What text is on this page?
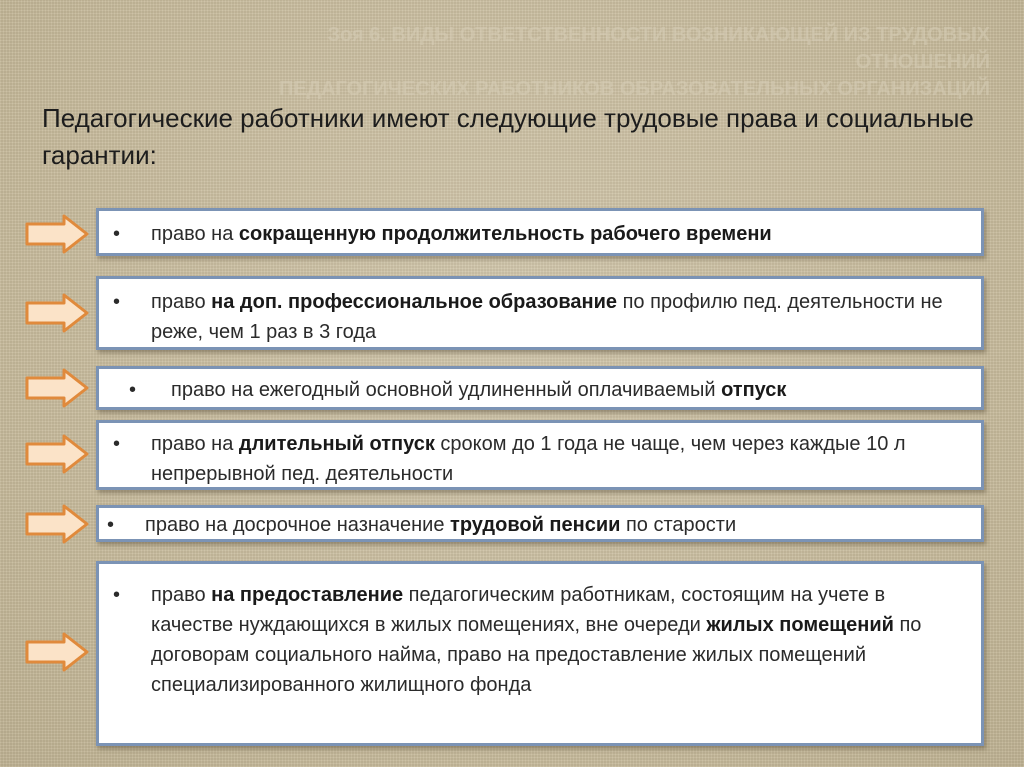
Зоя 6. ВИДЫ ОТВЕТСТВЕННОСТИ ВОЗНИКАЮЩЕЙ ИЗ ТРУДОВЫХ ОТНОШЕНИЙ
ПЕДАГОГИЧЕСКИХ РАБОТНИКОВ ОБРАЗОВАТЕЛЬНЫХ ОРГАНИЗАЦИЙ
Педагогические работники имеют следующие трудовые права и социальные гарантии:
• право на сокращенную продолжительность рабочего времени
• право на доп. профессиональное образование по профилю пед. деятельности не реже, чем 1 раз в 3 года
• право на ежегодный основной удлиненный оплачиваемый отпуск
• право на длительный отпуск сроком до 1 года не чаще, чем через каждые 10 л непрерывной пед. деятельности
• право на досрочное назначение трудовой пенсии по старости
• право на предоставление педагогическим работникам, состоящим на учете в качестве нуждающихся в жилых помещениях, вне очереди жилых помещений по договорам социального найма, право на предоставление жилых помещений специализированного жилищного фонда
